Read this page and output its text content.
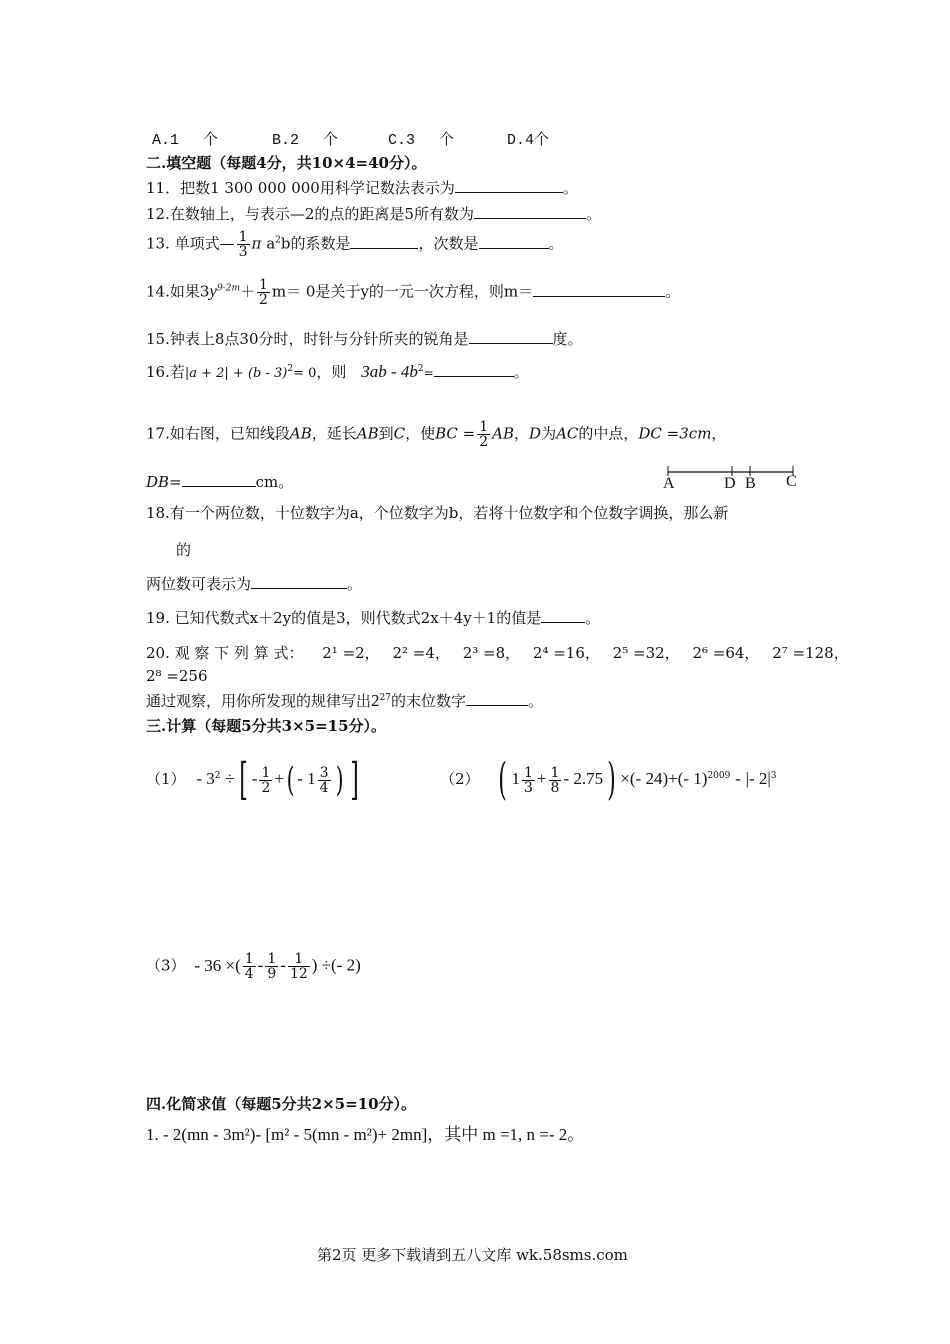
A.1　 个	B.2　 个	C.3　 个	D.4个
二.填空题（每题4分，共10×4=40分）。
11．把数1 300 000 000用科学记数法表示为	。
12.在数轴上，与表示—2的点的距离是5所有数为	。
13. 单项式— $\frac{1}{3}$ π $a^2b$的系数是	，次数是	。
14.如果$3y^{9-2m}+ \frac{1}{2} m= 0$是关于y的一元一次方程，则m＝	。
15.钟表上8点30分时，时针与分针所夹的锐角是	度。
16.若|a + 2| + (b - 3)$^2$= 0，则 $3ab - 4b^2=$	。
17.如右图，已知线段AB，延长AB到C，使BC = $\frac{1}{2}$ AB，D为AC的中点，DC =3cm，
DB=	cm。	A	D B C
18.有一个两位数，十位数字为a，个位数字为b，若将十位数字和个位数字调换，那么新
的
两位数可表示为	。
19. 已知代数式x＋2y的值是3，则代数式2x＋4y＋1的值是	。
20. 观 察 下 列 算 式： 2¹ =2， 2² =4， 2³ =8， 2⁴ =16， 2⁵ =32， 2⁶ =64， 2⁷ =128，
2⁸ =256
通过观察，用你所发现的规律写出$2^{27}$的末位数字	。
三.计算（每题5分共3×5=15分）。
$(1) - 3^2$ ÷[ - $\frac{1}{2}$ +( - $1 \frac{3}{4}$ ) ]	（2） ( $1 \frac{1}{3} + \frac{1}{8} - 2.75$) ×(- 24)+(- 1)$^{2009}$ - |- $2|^3$
（3） - 36 ×( $\frac{1}{4} - \frac{1}{9} - \frac{1}{12}$ ) ÷(- 2)
四.化简求值（每题5分共2×5=10分）。
1. - 2(mn - 3m²)- [m² - 5(mn - m²)+ 2mn]，其中 m =1, n =- 2。
第2页 更多下载请到五八文库 wk.58sms.com
